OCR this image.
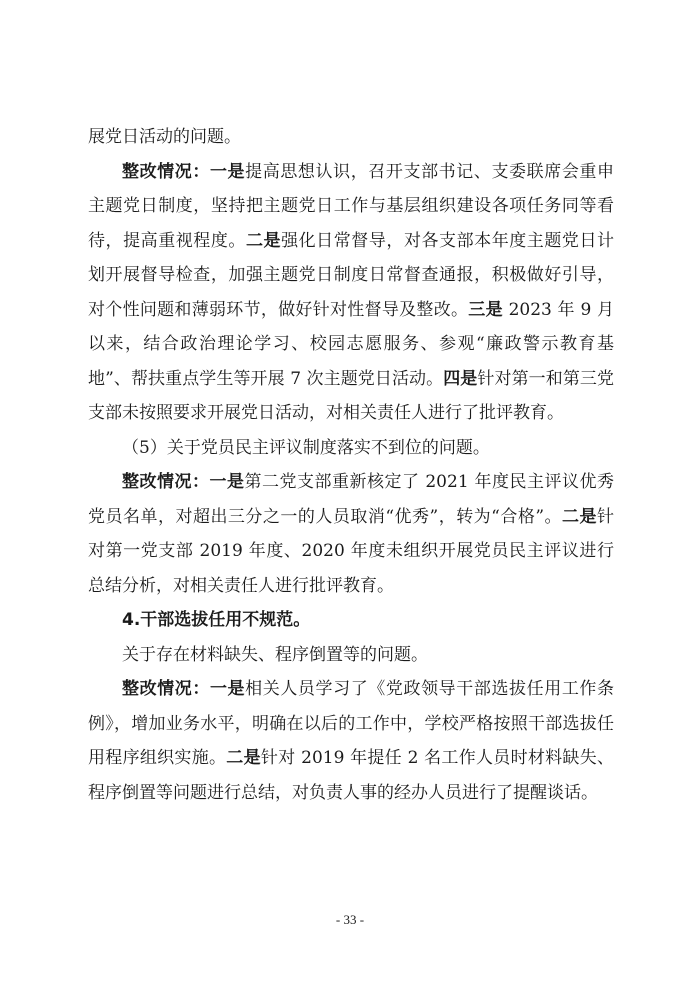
展党日活动的问题。

整改情况：一是提高思想认识，召开支部书记、支委联席会重申主题党日制度，坚持把主题党日工作与基层组织建设各项任务同等看待，提高重视程度。二是强化日常督导，对各支部本年度主题党日计划开展督导检查，加强主题党日制度日常督查通报，积极做好引导，对个性问题和薄弱环节，做好针对性督导及整改。三是 2023 年 9 月以来，结合政治理论学习、校园志愿服务、参观“廉政警示教育基地”、帮扶重点学生等开展 7 次主题党日活动。四是针对第一和第三党支部未按照要求开展党日活动，对相关责任人进行了批评教育。

（5）关于党员民主评议制度落实不到位的问题。

整改情况：一是第二党支部重新核定了 2021 年度民主评议优秀党员名单，对超出三分之一的人员取消“优秀”，转为“合格”。二是针对第一党支部 2019 年度、2020 年度未组织开展党员民主评议进行总结分析，对相关责任人进行批评教育。

4.干部选拔任用不规范。

关于存在材料缺失、程序倒置等的问题。

整改情况：一是相关人员学习了《党政领导干部选拔任用工作条例》，增加业务水平，明确在以后的工作中，学校严格按照干部选拔任用程序组织实施。二是针对 2019 年提任 2 名工作人员时材料缺失、程序倒置等问题进行总结，对负责人事的经办人员进行了提醒谈话。

- 33 -
